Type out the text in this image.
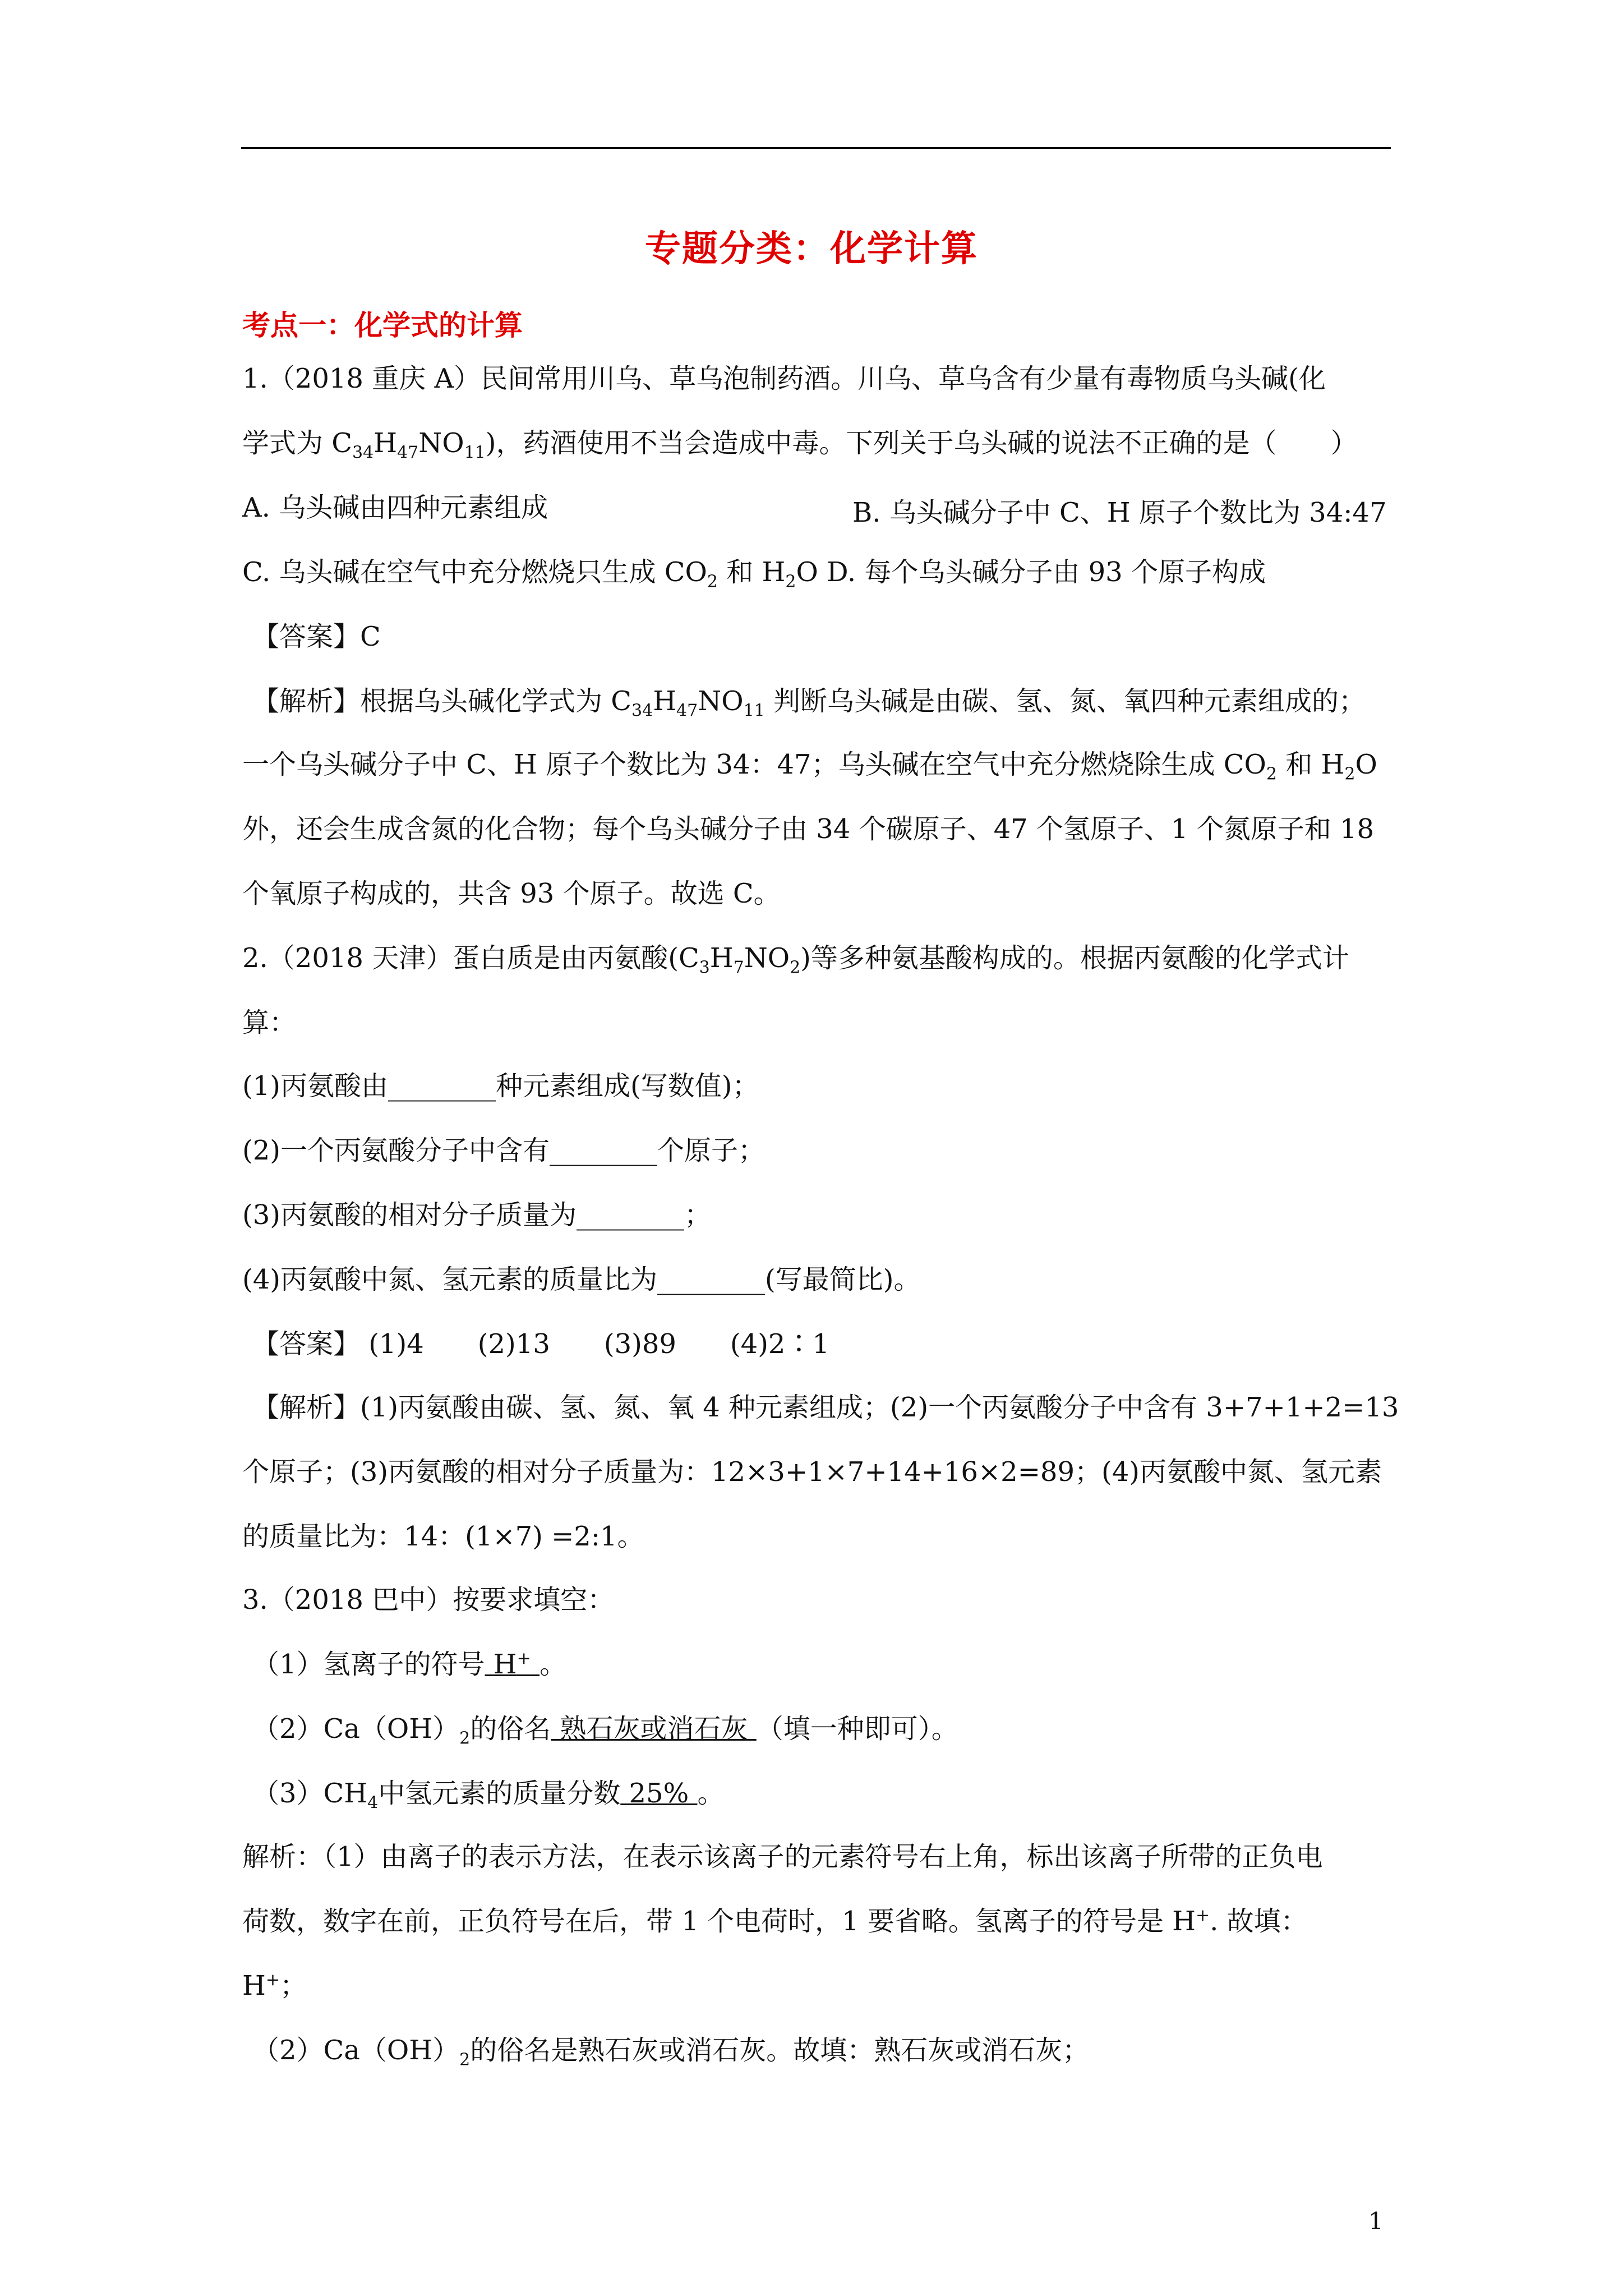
专题分类：化学计算
考点一：化学式的计算
1.（2018 重庆 A）民间常用川乌、草乌泡制药酒。川乌、草乌含有少量有毒物质乌头碱(化
学式为 $C_{34}H_{47}NO_{11}$)，药酒使用不当会造成中毒。下列关于乌头碱的说法不正确的是（　　）
A. 乌头碱由四种元素组成	B. 乌头碱分子中 C、H 原子个数比为 34:47
C. 乌头碱在空气中充分燃烧只生成 $CO_2$ 和 $H_2O$ D. 每个乌头碱分子由 93 个原子构成
【答案】C
【解析】根据乌头碱化学式为 $C_{34}H_{47}NO_{11}$ 判断乌头碱是由碳、氢、氮、氧四种元素组成的；
一个乌头碱分子中 C、H 原子个数比为 34：47；乌头碱在空气中充分燃烧除生成 $CO_2$ 和 $H_2O$
外，还会生成含氮的化合物；每个乌头碱分子由 34 个碳原子、47 个氢原子、1 个氮原子和 18
个氧原子构成的，共含 93 个原子。故选 C。
2.（2018 天津）蛋白质是由丙氨酸$(C_3H_7NO_2)$等多种氨基酸构成的。根据丙氨酸的化学式计
算：
(1)丙氨酸由________种元素组成(写数值)；
(2)一个丙氨酸分子中含有________个原子；
(3)丙氨酸的相对分子质量为________；
(4)丙氨酸中氮、氢元素的质量比为________(写最简比)。
【答案】 (1)4　　(2)13　　(3)89　　(4)2∶1
【解析】(1)丙氨酸由碳、氢、氮、氧 4 种元素组成；(2)一个丙氨酸分子中含有 3+7+1+2=13
个原子；(3)丙氨酸的相对分子质量为：12×3+1×7+14+16×2=89；(4)丙氨酸中氮、氢元素
的质量比为：14：(1×7) =2:1。
3.（2018 巴中）按要求填空：
（1）氢离子的符号 H+ 。
$(2)Ca(OH)_2$的俗名 熟石灰或消石灰 （填一种即可）。
$(3)CH_4$中氢元素的质量分数 25% 。
解析：（1）由离子的表示方法，在表示该离子的元素符号右上角，标出该离子所带的正负电
荷数，数字在前，正负符号在后，带 1 个电荷时，1 要省略。氢离子的符号是 H+. 故填：
H+；
$(2)Ca(OH)_2$的俗名是熟石灰或消石灰。故填：熟石灰或消石灰；
1
